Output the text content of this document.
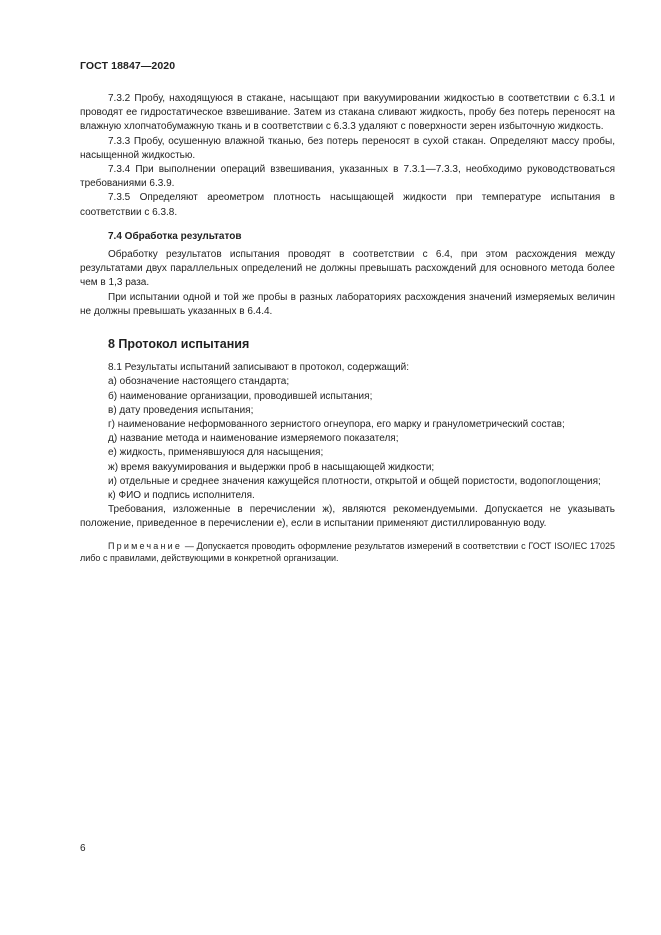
ГОСТ 18847—2020

7.3.2 Пробу, находящуюся в стакане, насыщают при вакуумировании жидкостью в соответствии с 6.3.1 и проводят ее гидростатическое взвешивание. Затем из стакана сливают жидкость, пробу без потерь переносят на влажную хлопчатобумажную ткань и в соответствии с 6.3.3 удаляют с поверхности зерен избыточную жидкость.

7.3.3 Пробу, осушенную влажной тканью, без потерь переносят в сухой стакан. Определяют массу пробы, насыщенной жидкостью.

7.3.4 При выполнении операций взвешивания, указанных в 7.3.1—7.3.3, необходимо руководствоваться требованиями 6.3.9.

7.3.5 Определяют ареометром плотность насыщающей жидкости при температуре испытания в соответствии с 6.3.8.

7.4 Обработка результатов

Обработку результатов испытания проводят в соответствии с 6.4, при этом расхождения между результатами двух параллельных определений не должны превышать расхождений для основного метода более чем в 1,3 раза.

При испытании одной и той же пробы в разных лабораториях расхождения значений измеряемых величин не должны превышать указанных в 6.4.4.

8 Протокол испытания

8.1 Результаты испытаний записывают в протокол, содержащий:

а) обозначение настоящего стандарта;

б) наименование организации, проводившей испытания;

в) дату проведения испытания;

г) наименование неформованного зернистого огнеупора, его марку и гранулометрический состав;

д) название метода и наименование измеряемого показателя;

е) жидкость, применявшуюся для насыщения;

ж) время вакуумирования и выдержки проб в насыщающей жидкости;

и) отдельные и среднее значения кажущейся плотности, открытой и общей пористости, водопоглощения;

к) ФИО и подпись исполнителя.

Требования, изложенные в перечислении ж), являются рекомендуемыми. Допускается не указывать положение, приведенное в перечислении е), если в испытании применяют дистиллированную воду.

Примечание — Допускается проводить оформление результатов измерений в соответствии с ГОСТ ISO/IEC 17025 либо с правилами, действующими в конкретной организации.

6
